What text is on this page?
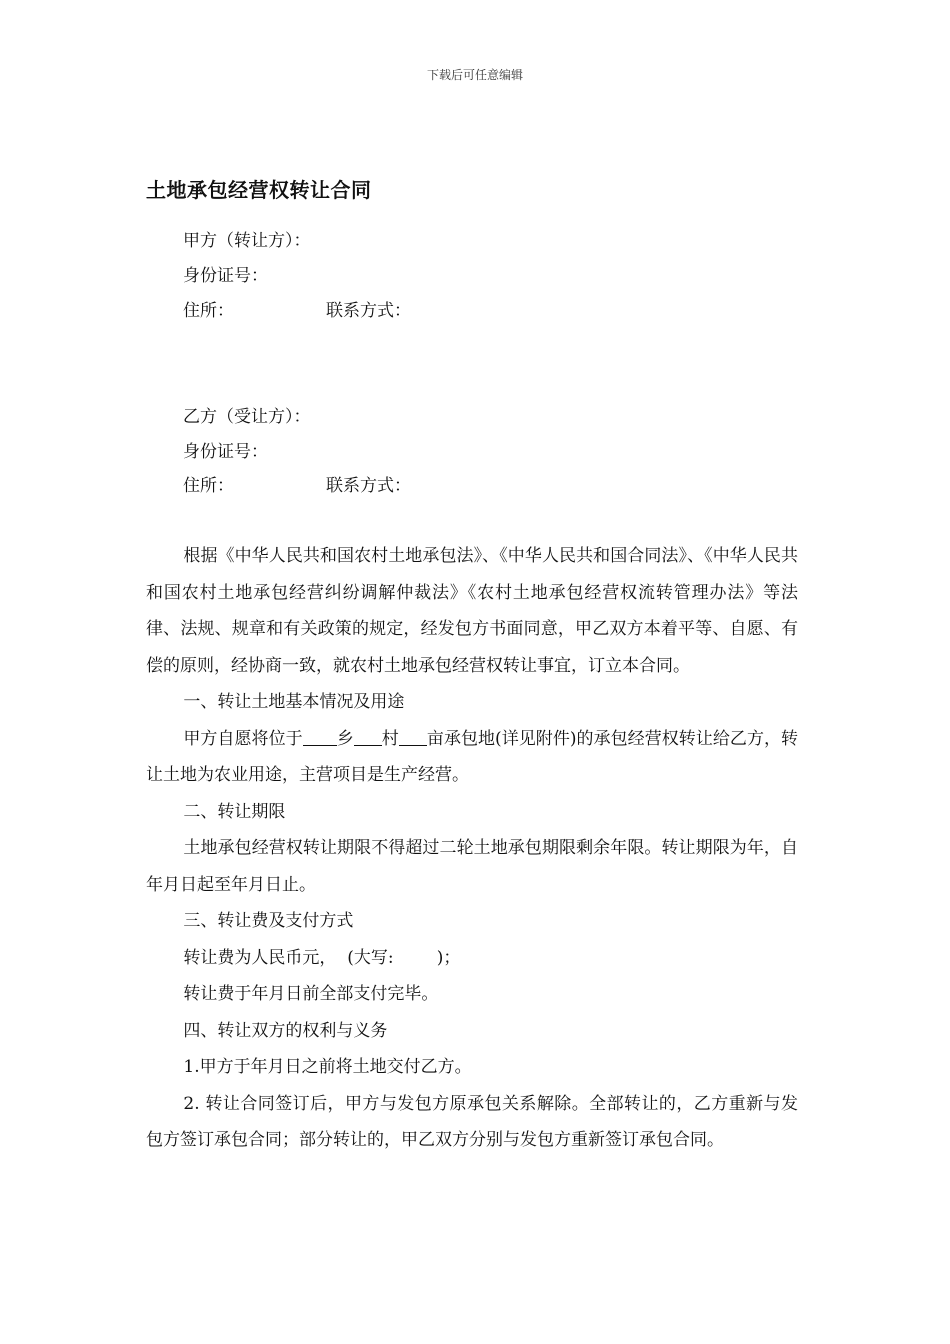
下载后可任意编辑
土地承包经营权转让合同
甲方（转让方）：
身份证号：
住所：	联系方式：
乙方（受让方）：
身份证号：
住所：	联系方式：

根据《中华人民共和国农村土地承包法》、《中华人民共和国合同法》、《中华人民共和国农村土地承包经营纠纷调解仲裁法》《农村土地承包经营权流转管理办法》等法律、法规、规章和有关政策的规定，经发包方书面同意，甲乙双方本着平等、自愿、有偿的原则，经协商一致，就农村土地承包经营权转让事宜，订立本合同。

一、转让土地基本情况及用途

甲方自愿将位于 乡 村 亩承包地(详见附件)的承包经营权转让给乙方，转让土地为农业用途，主营项目是生产经营。

二、转让期限

土地承包经营权转让期限不得超过二轮土地承包期限剩余年限。转让期限为年，自年月日起至年月日止。

三、转让费及支付方式

转让费为人民币元，  (大写:        )；

转让费于年月日前全部支付完毕。

四、转让双方的权利与义务

1.甲方于年月日之前将土地交付乙方。

2. 转让合同签订后，甲方与发包方原承包关系解除。全部转让的，乙方重新与发包方签订承包合同；部分转让的，甲乙双方分别与发包方重新签订承包合同。
